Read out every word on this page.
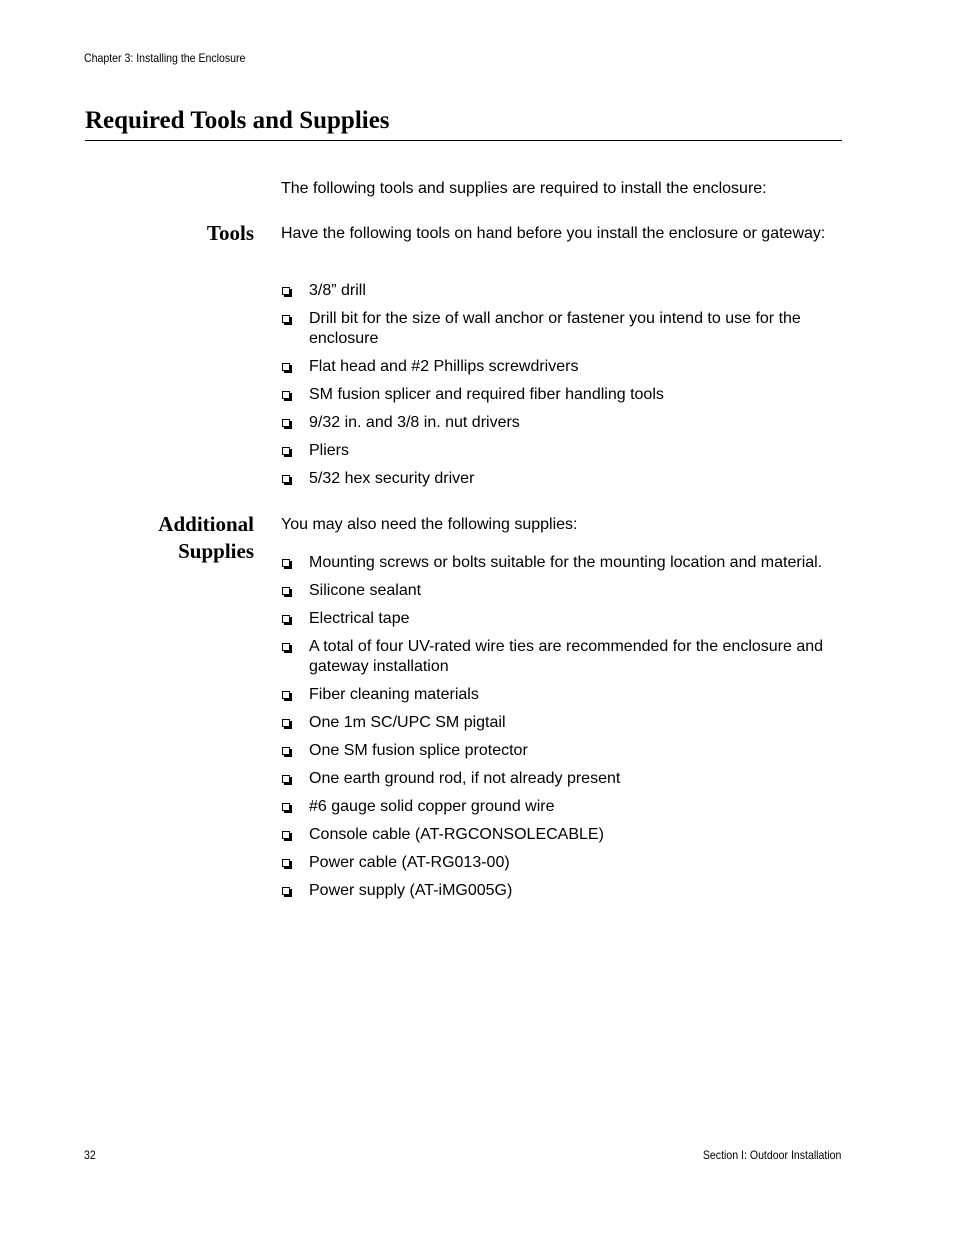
Chapter 3: Installing the Enclosure
Required Tools and Supplies
The following tools and supplies are required to install the enclosure:
Tools Have the following tools on hand before you install the enclosure or gateway:
3/8” drill
Drill bit for the size of wall anchor or fastener you intend to use for the enclosure
Flat head and #2 Phillips screwdrivers
SM fusion splicer and required fiber handling tools
9/32 in. and 3/8 in. nut drivers
Pliers
5/32 hex security driver
Additional
Supplies
You may also need the following supplies:
Mounting screws or bolts suitable for the mounting location and material.
Silicone sealant
Electrical tape
A total of four UV-rated wire ties are recommended for the enclosure and gateway installation
Fiber cleaning materials
One 1m SC/UPC SM pigtail
One SM fusion splice protector
One earth ground rod, if not already present
#6 gauge solid copper ground wire
Console cable (AT-RGCONSOLECABLE)
Power cable (AT-RG013-00)
Power supply (AT-iMG005G)
32	Section I: Outdoor Installation
